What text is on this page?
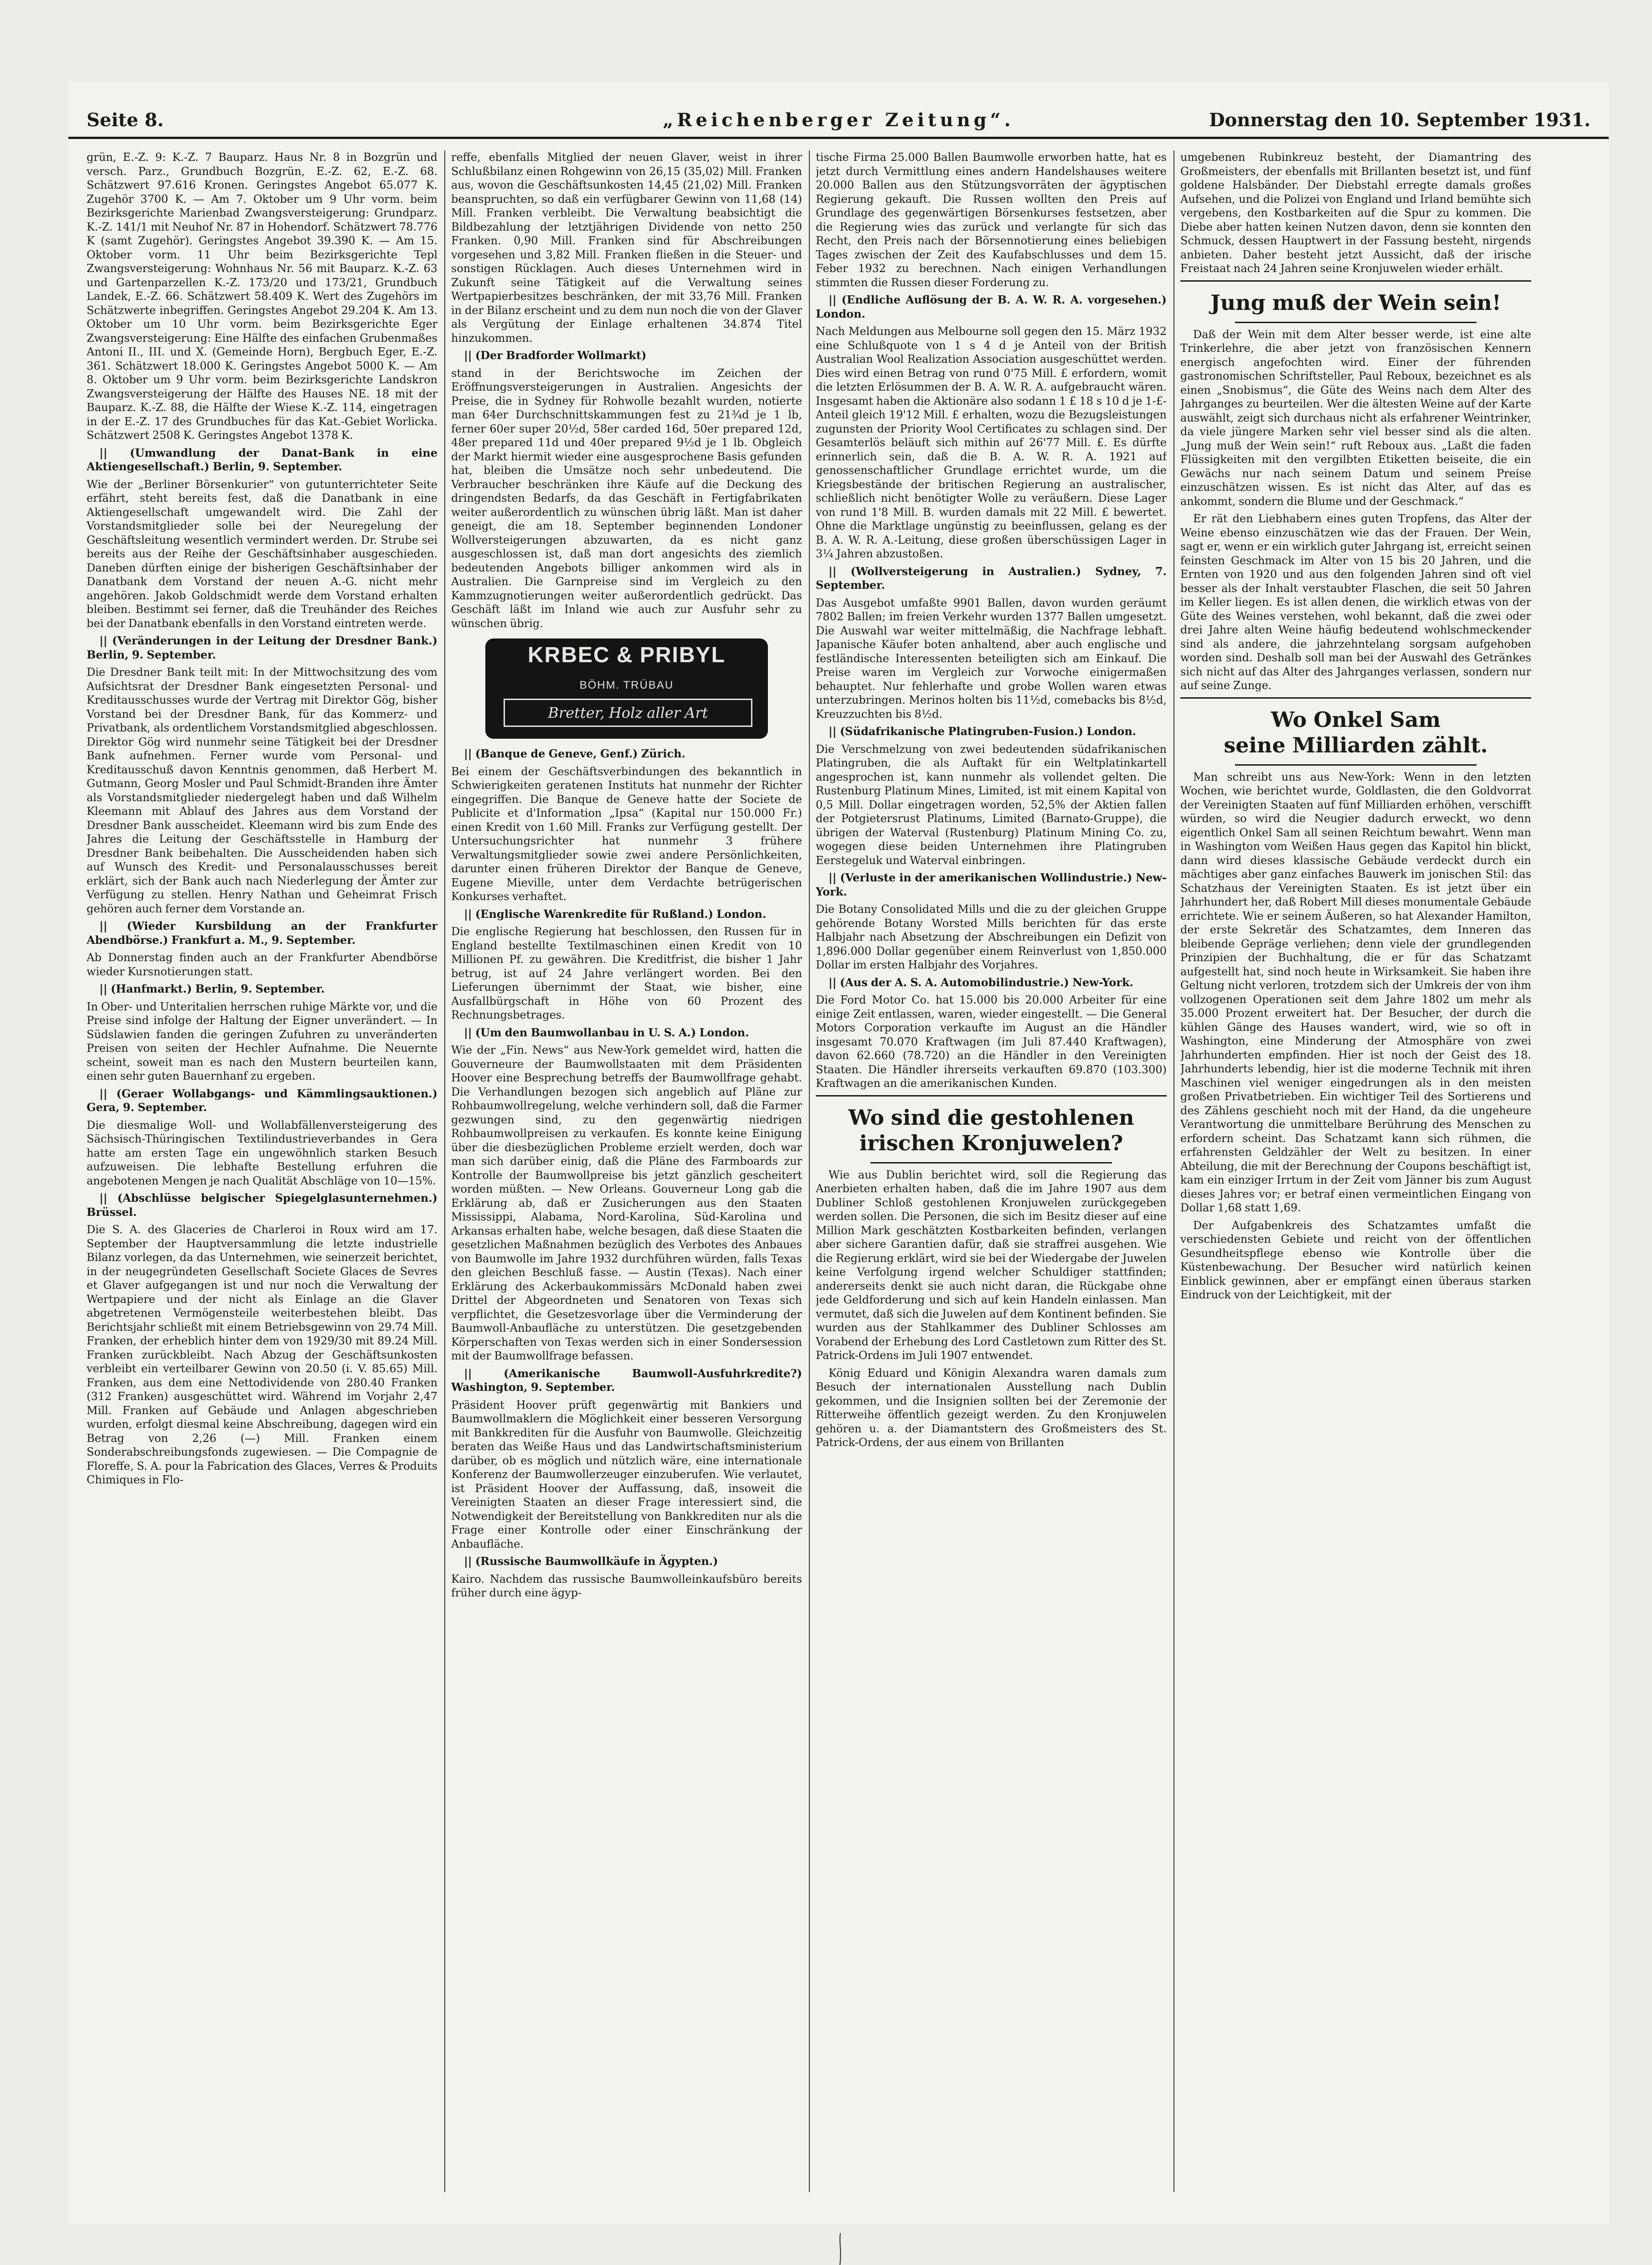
Seite 8.	„Reichenberger Zeitung“.	Donnerstag den 10. September 1931.

grün, E.-Z. 9: K.-Z. 7 Bauparz. Haus Nr. 8 in Bozgrün und versch. Parz., Grundbuch Bozgrün, E.-Z. 62, E.-Z. 68. Schätzwert 97.616 Kronen. Geringstes Angebot 65.077 K. Zugehör 3700 K. — Am 7. Oktober um 9 Uhr vorm. beim Bezirksgerichte Marienbad Zwangsversteigerung: Grundparz. K.-Z. 141/1 mit Neuhof Nr. 87 in Hohendorf. Schätzwert 78.776 K (samt Zugehör). Geringstes Angebot 39.390 K. — Am 15. Oktober vorm. 11 Uhr beim Bezirksgerichte Tepl Zwangsversteigerung: Wohnhaus Nr. 56 mit Bauparz. K.-Z. 63 und Gartenparzellen K.-Z. 173/20 und 173/21, Grundbuch Landek, E.-Z. 66. Schätzwert 58.409 K. Wert des Zugehörs im Schätzwerte inbegriffen. Geringstes Angebot 29.204 K. Am 13. Oktober um 10 Uhr vorm. beim Bezirksgerichte Eger Zwangsversteigerung: Eine Hälfte des einfachen Grubenmaßes Antoni II., III. und X. (Gemeinde Horn), Bergbuch Eger, E.-Z. 361. Schätzwert 18.000 K. Geringstes Angebot 5000 K. — Am 8. Oktober um 9 Uhr vorm. beim Bezirksgerichte Landskron Zwangsversteigerung der Hälfte des Hauses NE. 18 mit der Bauparz. K.-Z. 88, die Hälfte der Wiese K.-Z. 114, eingetragen in der E.-Z. 17 des Grundbuches für das Kat.-Gebiet Worlicka. Schätzwert 2508 K. Geringstes Angebot 1378 K.

|| (Umwandlung der Danat-Bank in eine Aktiengesellschaft.) Berlin, 9. September.

Wie der „Berliner Börsenkurier“ von gutunterrichteter Seite erfährt, steht bereits fest, daß die Danatbank in eine Aktiengesellschaft umgewandelt wird. Die Zahl der Vorstandsmitglieder solle bei der Neuregelung der Geschäftsleitung wesentlich vermindert werden. Dr. Strube sei bereits aus der Reihe der Geschäftsinhaber ausgeschieden. Daneben dürften einige der bisherigen Geschäftsinhaber der Danatbank dem Vorstand der neuen A.-G. nicht mehr angehören. Jakob Goldschmidt werde dem Vorstand erhalten bleiben. Bestimmt sei ferner, daß die Treuhänder des Reiches bei der Danatbank ebenfalls in den Vorstand eintreten werde.

|| (Veränderungen in der Leitung der Dresdner Bank.) Berlin, 9. September.

Die Dresdner Bank teilt mit: In der Mittwochsitzung des vom Aufsichtsrat der Dresdner Bank eingesetzten Personal- und Kreditausschusses wurde der Vertrag mit Direktor Gög, bisher Vorstand bei der Dresdner Bank, für das Kommerz- und Privatbank, als ordentlichem Vorstandsmitglied abgeschlossen. Direktor Gög wird nunmehr seine Tätigkeit bei der Dresdner Bank aufnehmen. Ferner wurde vom Personal- und Kreditausschuß davon Kenntnis genommen, daß Herbert M. Gutmann, Georg Mosler und Paul Schmidt-Branden ihre Ämter als Vorstandsmitglieder niedergelegt haben und daß Wilhelm Kleemann mit Ablauf des Jahres aus dem Vorstand der Dresdner Bank ausscheidet. Kleemann wird bis zum Ende des Jahres die Leitung der Geschäftsstelle in Hamburg der Dresdner Bank beibehalten. Die Ausscheidenden haben sich auf Wunsch des Kredit- und Personalausschusses bereit erklärt, sich der Bank auch nach Niederlegung der Ämter zur Verfügung zu stellen. Henry Nathan und Geheimrat Frisch gehören auch ferner dem Vorstande an.

|| (Wieder Kursbildung an der Frankfurter Abendbörse.) Frankfurt a. M., 9. September.

Ab Donnerstag finden auch an der Frankfurter Abendbörse wieder Kursnotierungen statt.

|| (Hanfmarkt.) Berlin, 9. September.

In Ober- und Unteritalien herrschen ruhige Märkte vor, und die Preise sind infolge der Haltung der Eigner unverändert. — In Südslawien fanden die geringen Zufuhren zu unveränderten Preisen von seiten der Hechler Aufnahme. Die Neuernte scheint, soweit man es nach den Mustern beurteilen kann, einen sehr guten Bauernhanf zu ergeben.

|| (Geraer Wollabgangs- und Kämmlingsauktionen.) Gera, 9. September.

Die diesmalige Woll- und Wollabfällenversteigerung des Sächsisch-Thüringischen Textilindustrieverbandes in Gera hatte am ersten Tage ein ungewöhnlich starken Besuch aufzuweisen. Die lebhafte Bestellung erfuhren die angebotenen Mengen je nach Qualität Abschläge von 10—15%.

|| (Abschlüsse belgischer Spiegelglasunternehmen.) Brüssel.

Die S. A. des Glaceries de Charleroi in Roux wird am 17. September der Hauptversammlung die letzte industrielle Bilanz vorlegen, da das Unternehmen, wie seinerzeit berichtet, in der neugegründeten Gesellschaft Societe Glaces de Sevres et Glaver aufgegangen ist und nur noch die Verwaltung der Wertpapiere und der nicht als Einlage an die Glaver abgetretenen Vermögensteile weiterbestehen bleibt. Das Berichtsjahr schließt mit einem Betriebsgewinn von 29.74 Mill. Franken, der erheblich hinter dem von 1929/30 mit 89.24 Mill. Franken zurückbleibt. Nach Abzug der Geschäftsunkosten verbleibt ein verteilbarer Gewinn von 20.50 (i. V. 85.65) Mill. Franken, aus dem eine Nettodividende von 280.40 Franken (312 Franken) ausgeschüttet wird. Während im Vorjahr 2,47 Mill. Franken auf Gebäude und Anlagen abgeschrieben wurden, erfolgt diesmal keine Abschreibung, dagegen wird ein Betrag von 2,26 (—) Mill. Franken einem Sonderabschreibungsfonds zugewiesen. — Die Compagnie de Floreffe, S. A. pour la Fabrication des Glaces, Verres & Produits Chimiques in Flo-

reffe, ebenfalls Mitglied der neuen Glaver, weist in ihrer Schlußbilanz einen Rohgewinn von 26,15 (35,02) Mill. Franken aus, wovon die Geschäftsunkosten 14,45 (21,02) Mill. Franken beanspruchten, so daß ein verfügbarer Gewinn von 11,68 (14) Mill. Franken verbleibt. Die Verwaltung beabsichtigt die Bildbezahlung der letztjährigen Dividende von netto 250 Franken. 0,90 Mill. Franken sind für Abschreibungen vorgesehen und 3,82 Mill. Franken fließen in die Steuer- und sonstigen Rücklagen. Auch dieses Unternehmen wird in Zukunft seine Tätigkeit auf die Verwaltung seines Wertpapierbesitzes beschränken, der mit 33,76 Mill. Franken in der Bilanz erscheint und zu dem nun noch die von der Glaver als Vergütung der Einlage erhaltenen 34.874 Titel hinzukommen.

|| (Der Bradforder Wollmarkt)

stand in der Berichtswoche im Zeichen der Eröffnungsversteigerungen in Australien. Angesichts der Preise, die in Sydney für Rohwolle bezahlt wurden, notierte man 64er Durchschnittskammungen fest zu 21¾d je 1 lb, ferner 60er super 20½d, 58er carded 16d, 50er prepared 12d, 48er prepared 11d und 40er prepared 9½d je 1 lb. Obgleich der Markt hiermit wieder eine ausgesprochene Basis gefunden hat, bleiben die Umsätze noch sehr unbedeutend. Die Verbraucher beschränken ihre Käufe auf die Deckung des dringendsten Bedarfs, da das Geschäft in Fertigfabrikaten weiter außerordentlich zu wünschen übrig läßt. Man ist daher geneigt, die am 18. September beginnenden Londoner Wollversteigerungen abzuwarten, da es nicht ganz ausgeschlossen ist, daß man dort angesichts des ziemlich bedeutenden Angebots billiger ankommen wird als in Australien. Die Garnpreise sind im Vergleich zu den Kammzugnotierungen weiter außerordentlich gedrückt. Das Geschäft läßt im Inland wie auch zur Ausfuhr sehr zu wünschen übrig.

KRBEC & PRIBYL
BÖHM. TRÜBAU
Bretter, Holz aller Art

|| (Banque de Geneve, Genf.) Zürich.

Bei einem der Geschäftsverbindungen des bekanntlich in Schwierigkeiten geratenen Instituts hat nunmehr der Richter eingegriffen. Die Banque de Geneve hatte der Societe de Publicite et d'Information „Ipsa“ (Kapital nur 150.000 Fr.) einen Kredit von 1.60 Mill. Franks zur Verfügung gestellt. Der Untersuchungsrichter hat nunmehr 3 frühere Verwaltungsmitglieder sowie zwei andere Persönlichkeiten, darunter einen früheren Direktor der Banque de Geneve, Eugene Mieville, unter dem Verdachte betrügerischen Konkurses verhaftet.

|| (Englische Warenkredite für Rußland.) London.

Die englische Regierung hat beschlossen, den Russen für in England bestellte Textilmaschinen einen Kredit von 10 Millionen Pf. zu gewähren. Die Kreditfrist, die bisher 1 Jahr betrug, ist auf 24 Jahre verlängert worden. Bei den Lieferungen übernimmt der Staat, wie bisher, eine Ausfallbürgschaft in Höhe von 60 Prozent des Rechnungsbetrages.

|| (Um den Baumwollanbau in U. S. A.) London.

Wie der „Fin. News“ aus New-York gemeldet wird, hatten die Gouverneure der Baumwollstaaten mit dem Präsidenten Hoover eine Besprechung betreffs der Baumwollfrage gehabt. Die Verhandlungen bezogen sich angeblich auf Pläne zur Rohbaumwollregelung, welche verhindern soll, daß die Farmer gezwungen sind, zu den gegenwärtig niedrigen Rohbaumwollpreisen zu verkaufen. Es konnte keine Einigung über die diesbezüglichen Probleme erzielt werden, doch war man sich darüber einig, daß die Pläne des Farmboards zur Kontrolle der Baumwollpreise bis jetzt gänzlich gescheitert worden müßten. — New Orleans. Gouverneur Long gab die Erklärung ab, daß er Zusicherungen aus den Staaten Mississippi, Alabama, Nord-Karolina, Süd-Karolina und Arkansas erhalten habe, welche besagen, daß diese Staaten die gesetzlichen Maßnahmen bezüglich des Verbotes des Anbaues von Baumwolle im Jahre 1932 durchführen würden, falls Texas den gleichen Beschluß fasse. — Austin (Texas). Nach einer Erklärung des Ackerbaukommissärs McDonald haben zwei Drittel der Abgeordneten und Senatoren von Texas sich verpflichtet, die Gesetzesvorlage über die Verminderung der Baumwoll-Anbaufläche zu unterstützen. Die gesetzgebenden Körperschaften von Texas werden sich in einer Sondersession mit der Baumwollfrage befassen.

|| (Amerikanische Baumwoll-Ausfuhrkredite?) Washington, 9. September.

Präsident Hoover prüft gegenwärtig mit Bankiers und Baumwollmaklern die Möglichkeit einer besseren Versorgung mit Bankkrediten für die Ausfuhr von Baumwolle. Gleichzeitig beraten das Weiße Haus und das Landwirtschaftsministerium darüber, ob es möglich und nützlich wäre, eine internationale Konferenz der Baumwollerzeuger einzuberufen. Wie verlautet, ist Präsident Hoover der Auffassung, daß, insoweit die Vereinigten Staaten an dieser Frage interessiert sind, die Notwendigkeit der Bereitstellung von Bankkrediten nur als die Frage einer Kontrolle oder einer Einschränkung der Anbaufläche.

|| (Russische Baumwollkäufe in Ägypten.)

Kairo. Nachdem das russische Baumwolleinkaufsbüro bereits früher durch eine ägyp-

tische Firma 25.000 Ballen Baumwolle erworben hatte, hat es jetzt durch Vermittlung eines andern Handelshauses weitere 20.000 Ballen aus den Stützungsvorräten der ägyptischen Regierung gekauft. Die Russen wollten den Preis auf Grundlage des gegenwärtigen Börsenkurses festsetzen, aber die Regierung wies das zurück und verlangte für sich das Recht, den Preis nach der Börsennotierung eines beliebigen Tages zwischen der Zeit des Kaufabschlusses und dem 15. Feber 1932 zu berechnen. Nach einigen Verhandlungen stimmten die Russen dieser Forderung zu.

|| (Endliche Auflösung der B. A. W. R. A. vorgesehen.) London.

Nach Meldungen aus Melbourne soll gegen den 15. März 1932 eine Schlußquote von 1 s 4 d je Anteil von der British Australian Wool Realization Association ausgeschüttet werden. Dies wird einen Betrag von rund 0'75 Mill. £ erfordern, womit die letzten Erlösummen der B. A. W. R. A. aufgebraucht wären. Insgesamt haben die Aktionäre also sodann 1 £ 18 s 10 d je 1-£-Anteil gleich 19'12 Mill. £ erhalten, wozu die Bezugsleistungen zugunsten der Priority Wool Certificates zu schlagen sind. Der Gesamterlös beläuft sich mithin auf 26'77 Mill. £. Es dürfte erinnerlich sein, daß die B. A. W. R. A. 1921 auf genossenschaftlicher Grundlage errichtet wurde, um die Kriegsbestände der britischen Regierung an australischer, schließlich nicht benötigter Wolle zu veräußern. Diese Lager von rund 1'8 Mill. B. wurden damals mit 22 Mill. £ bewertet. Ohne die Marktlage ungünstig zu beeinflussen, gelang es der B. A. W. R. A.-Leitung, diese großen überschüssigen Lager in 3¼ Jahren abzustoßen.

|| (Wollversteigerung in Australien.) Sydney, 7. September.

Das Ausgebot umfaßte 9901 Ballen, davon wurden geräumt 7802 Ballen; im freien Verkehr wurden 1377 Ballen umgesetzt. Die Auswahl war weiter mittelmäßig, die Nachfrage lebhaft. Japanische Käufer boten anhaltend, aber auch englische und festländische Interessenten beteiligten sich am Einkauf. Die Preise waren im Vergleich zur Vorwoche einigermaßen behauptet. Nur fehlerhafte und grobe Wollen waren etwas unterzubringen. Merinos holten bis 11½d, comebacks bis 8½d, Kreuzzuchten bis 8½d.

|| (Südafrikanische Platingruben-Fusion.) London.

Die Verschmelzung von zwei bedeutenden südafrikanischen Platingruben, die als Auftakt für ein Weltplatinkartell angesprochen ist, kann nunmehr als vollendet gelten. Die Rustenburg Platinum Mines, Limited, ist mit einem Kapital von 0,5 Mill. Dollar eingetragen worden, 52,5% der Aktien fallen der Potgietersrust Platinums, Limited (Barnato-Gruppe), die übrigen der Waterval (Rustenburg) Platinum Mining Co. zu, wogegen diese beiden Unternehmen ihre Platingruben Eerstegeluk und Waterval einbringen.

|| (Verluste in der amerikanischen Wollindustrie.) New-York.

Die Botany Consolidated Mills und die zu der gleichen Gruppe gehörende Botany Worsted Mills berichten für das erste Halbjahr nach Absetzung der Abschreibungen ein Defizit von 1,896.000 Dollar gegenüber einem Reinverlust von 1,850.000 Dollar im ersten Halbjahr des Vorjahres.

|| (Aus der A. S. A. Automobilindustrie.) New-York.

Die Ford Motor Co. hat 15.000 bis 20.000 Arbeiter für eine einige Zeit entlassen, waren, wieder eingestellt. — Die General Motors Corporation verkaufte im August an die Händler insgesamt 70.070 Kraftwagen (im Juli 87.440 Kraftwagen), davon 62.660 (78.720) an die Händler in den Vereinigten Staaten. Die Händler ihrerseits verkauften 69.870 (103.300) Kraftwagen an die amerikanischen Kunden.

Wo sind die gestohlenen irischen Kronjuwelen?

Wie aus Dublin berichtet wird, soll die Regierung das Anerbieten erhalten haben, daß die im Jahre 1907 aus dem Dubliner Schloß gestohlenen Kronjuwelen zurückgegeben werden sollen. Die Personen, die sich im Besitz dieser auf eine Million Mark geschätzten Kostbarkeiten befinden, verlangen aber sichere Garantien dafür, daß sie straffrei ausgehen. Wie die Regierung erklärt, wird sie bei der Wiedergabe der Juwelen keine Verfolgung irgend welcher Schuldiger stattfinden; andererseits denkt sie auch nicht daran, die Rückgabe ohne jede Geldforderung und sich auf kein Handeln einlassen. Man vermutet, daß sich die Juwelen auf dem Kontinent befinden. Sie wurden aus der Stahlkammer des Dubliner Schlosses am Vorabend der Erhebung des Lord Castletown zum Ritter des St. Patrick-Ordens im Juli 1907 entwendet.

König Eduard und Königin Alexandra waren damals zum Besuch der internationalen Ausstellung nach Dublin gekommen, und die Insignien sollten bei der Zeremonie der Ritterweihe öffentlich gezeigt werden. Zu den Kronjuwelen gehören u. a. der Diamantstern des Großmeisters des St. Patrick-Ordens, der aus einem von Brillanten

umgebenen Rubinkreuz besteht, der Diamantring des Großmeisters, der ebenfalls mit Brillanten besetzt ist, und fünf goldene Halsbänder. Der Diebstahl erregte damals großes Aufsehen, und die Polizei von England und Irland bemühte sich vergebens, den Kostbarkeiten auf die Spur zu kommen. Die Diebe aber hatten keinen Nutzen davon, denn sie konnten den Schmuck, dessen Hauptwert in der Fassung besteht, nirgends anbieten. Daher besteht jetzt Aussicht, daß der irische Freistaat nach 24 Jahren seine Kronjuwelen wieder erhält.

Jung muß der Wein sein!

Daß der Wein mit dem Alter besser werde, ist eine alte Trinkerlehre, die aber jetzt von französischen Kennern energisch angefochten wird. Einer der führenden gastronomischen Schriftsteller, Paul Reboux, bezeichnet es als einen „Snobismus“, die Güte des Weins nach dem Alter des Jahrganges zu beurteilen. Wer die ältesten Weine auf der Karte auswählt, zeigt sich durchaus nicht als erfahrener Weintrinker, da viele jüngere Marken sehr viel besser sind als die alten. „Jung muß der Wein sein!“ ruft Reboux aus. „Laßt die faden Flüssigkeiten mit den vergilbten Etiketten beiseite, die ein Gewächs nur nach seinem Datum und seinem Preise einzuschätzen wissen. Es ist nicht das Alter, auf das es ankommt, sondern die Blume und der Geschmack.“

Er rät den Liebhabern eines guten Tropfens, das Alter der Weine ebenso einzuschätzen wie das der Frauen. Der Wein, sagt er, wenn er ein wirklich guter Jahrgang ist, erreicht seinen feinsten Geschmack im Alter von 15 bis 20 Jahren, und die Ernten von 1920 und aus den folgenden Jahren sind oft viel besser als der Inhalt verstaubter Flaschen, die seit 50 Jahren im Keller liegen. Es ist allen denen, die wirklich etwas von der Güte des Weines verstehen, wohl bekannt, daß die zwei oder drei Jahre alten Weine häufig bedeutend wohlschmeckender sind als andere, die jahrzehntelang sorgsam aufgehoben worden sind. Deshalb soll man bei der Auswahl des Getränkes sich nicht auf das Alter des Jahrganges verlassen, sondern nur auf seine Zunge.

Wo Onkel Sam
seine Milliarden zählt.

Man schreibt uns aus New-York: Wenn in den letzten Wochen, wie berichtet wurde, Goldlasten, die den Goldvorrat der Vereinigten Staaten auf fünf Milliarden erhöhen, verschifft würden, so wird die Neugier dadurch erweckt, wo denn eigentlich Onkel Sam all seinen Reichtum bewahrt. Wenn man in Washington vom Weißen Haus gegen das Kapitol hin blickt, dann wird dieses klassische Gebäude verdeckt durch ein mächtiges aber ganz einfaches Bauwerk im jonischen Stil: das Schatzhaus der Vereinigten Staaten. Es ist jetzt über ein Jahrhundert her, daß Robert Mill dieses monumentale Gebäude errichtete. Wie er seinem Äußeren, so hat Alexander Hamilton, der erste Sekretär des Schatzamtes, dem Inneren das bleibende Gepräge verliehen; denn viele der grundlegenden Prinzipien der Buchhaltung, die er für das Schatzamt aufgestellt hat, sind noch heute in Wirksamkeit. Sie haben ihre Geltung nicht verloren, trotzdem sich der Umkreis der von ihm vollzogenen Operationen seit dem Jahre 1802 um mehr als 35.000 Prozent erweitert hat. Der Besucher, der durch die kühlen Gänge des Hauses wandert, wird, wie so oft in Washington, eine Minderung der Atmosphäre von zwei Jahrhunderten empfinden. Hier ist noch der Geist des 18. Jahrhunderts lebendig, hier ist die moderne Technik mit ihren Maschinen viel weniger eingedrungen als in den meisten großen Privatbetrieben. Ein wichtiger Teil des Sortierens und des Zählens geschieht noch mit der Hand, da die ungeheure Verantwortung die unmittelbare Berührung des Menschen zu erfordern scheint. Das Schatzamt kann sich rühmen, die erfahrensten Geldzähler der Welt zu besitzen. In einer Abteilung, die mit der Berechnung der Coupons beschäftigt ist, kam ein einziger Irrtum in der Zeit vom Jänner bis zum August dieses Jahres vor; er betraf einen vermeintlichen Eingang von Dollar 1,68 statt 1,69.

Der Aufgabenkreis des Schatzamtes umfaßt die verschiedensten Gebiete und reicht von der öffentlichen Gesundheitspflege ebenso wie Kontrolle über die Küstenbewachung. Der Besucher wird natürlich keinen Einblick gewinnen, aber er empfängt einen überaus starken Eindruck von der Leichtigkeit, mit der
